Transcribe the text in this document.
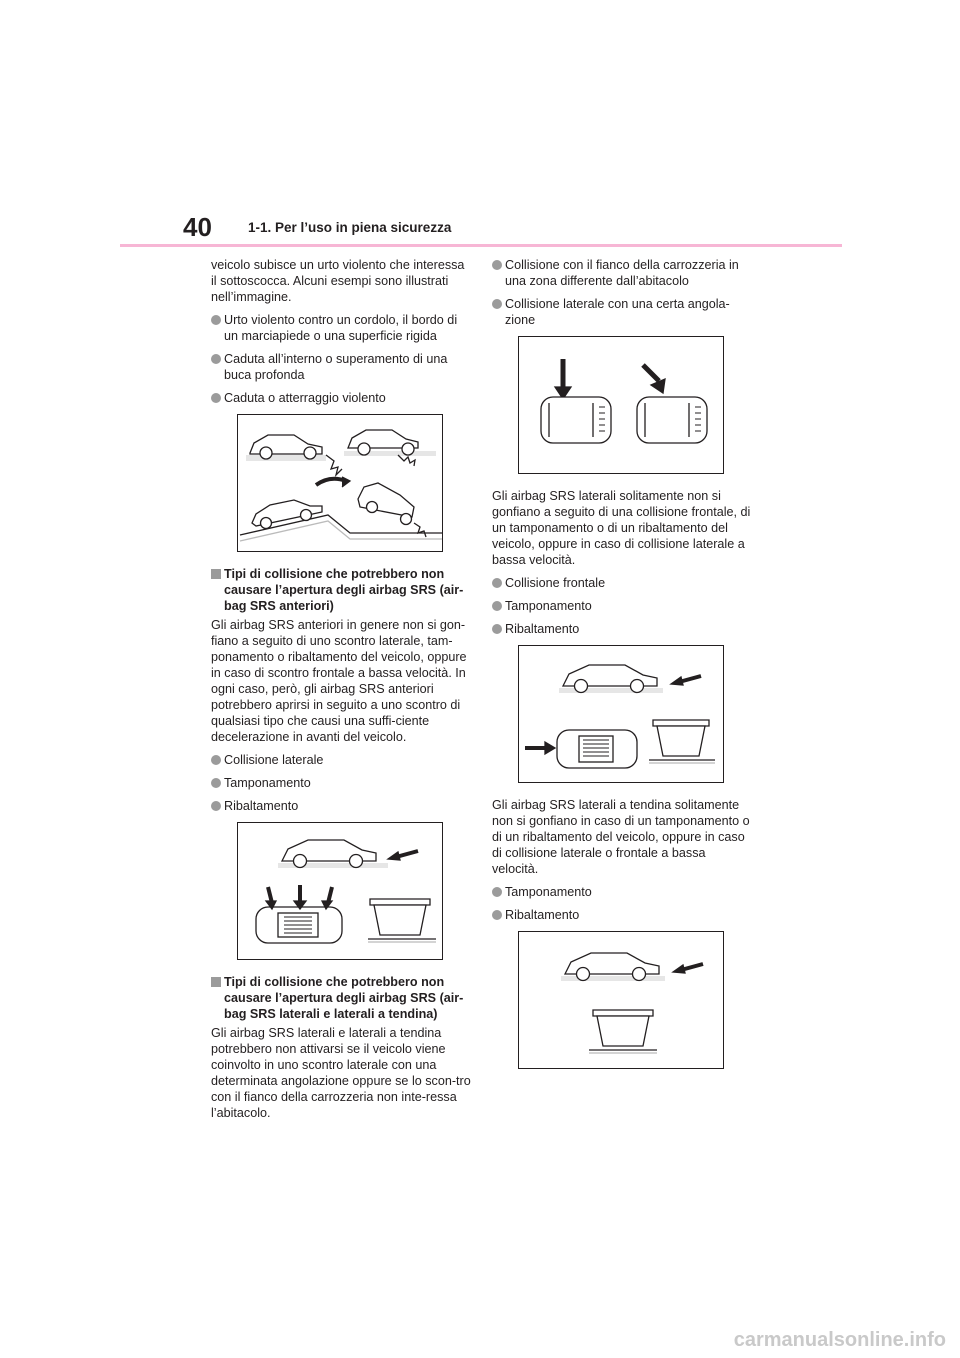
40	1-1. Per l’uso in piena sicurezza

veicolo subisce un urto violento che interessa il sottoscocca. Alcuni esempi sono illustrati nell’immagine.

Urto violento contro un cordolo, il bordo di un marciapiede o una superficie rigida
Caduta all’interno o superamento di una buca profonda
Caduta o atterraggio violento
Tipi di collisione che potrebbero non causare l’apertura degli airbag SRS (air-bag SRS anteriori)

Gli airbag SRS anteriori in genere non si gon-fiano a seguito di uno scontro laterale, tam-ponamento o ribaltamento del veicolo, oppure in caso di scontro frontale a bassa velocità. In ogni caso, però, gli airbag SRS anteriori potrebbero aprirsi in seguito a uno scontro di qualsiasi tipo che causi una suffi-ciente decelerazione in avanti del veicolo.

Collisione laterale
Tamponamento
Ribaltamento
Tipi di collisione che potrebbero non causare l’apertura degli airbag SRS (air-bag SRS laterali e laterali a tendina)

Gli airbag SRS laterali e laterali a tendina potrebbero non attivarsi se il veicolo viene coinvolto in uno scontro laterale con una determinata angolazione oppure se lo scon-tro con il fianco della carrozzeria non inte-ressa l’abitacolo.

Collisione con il fianco della carrozzeria in una zona differente dall’abitacolo
Collisione laterale con una certa angola-zione

Gli airbag SRS laterali solitamente non si gonfiano a seguito di una collisione frontale, di un tamponamento o di un ribaltamento del veicolo, oppure in caso di collisione laterale a bassa velocità.

Collisione frontale
Tamponamento
Ribaltamento

Gli airbag SRS laterali a tendina solitamente non si gonfiano in caso di un tamponamento o di un ribaltamento del veicolo, oppure in caso di collisione laterale o frontale a bassa velocità.

Tamponamento
Ribaltamento
carmanualsonline.info
